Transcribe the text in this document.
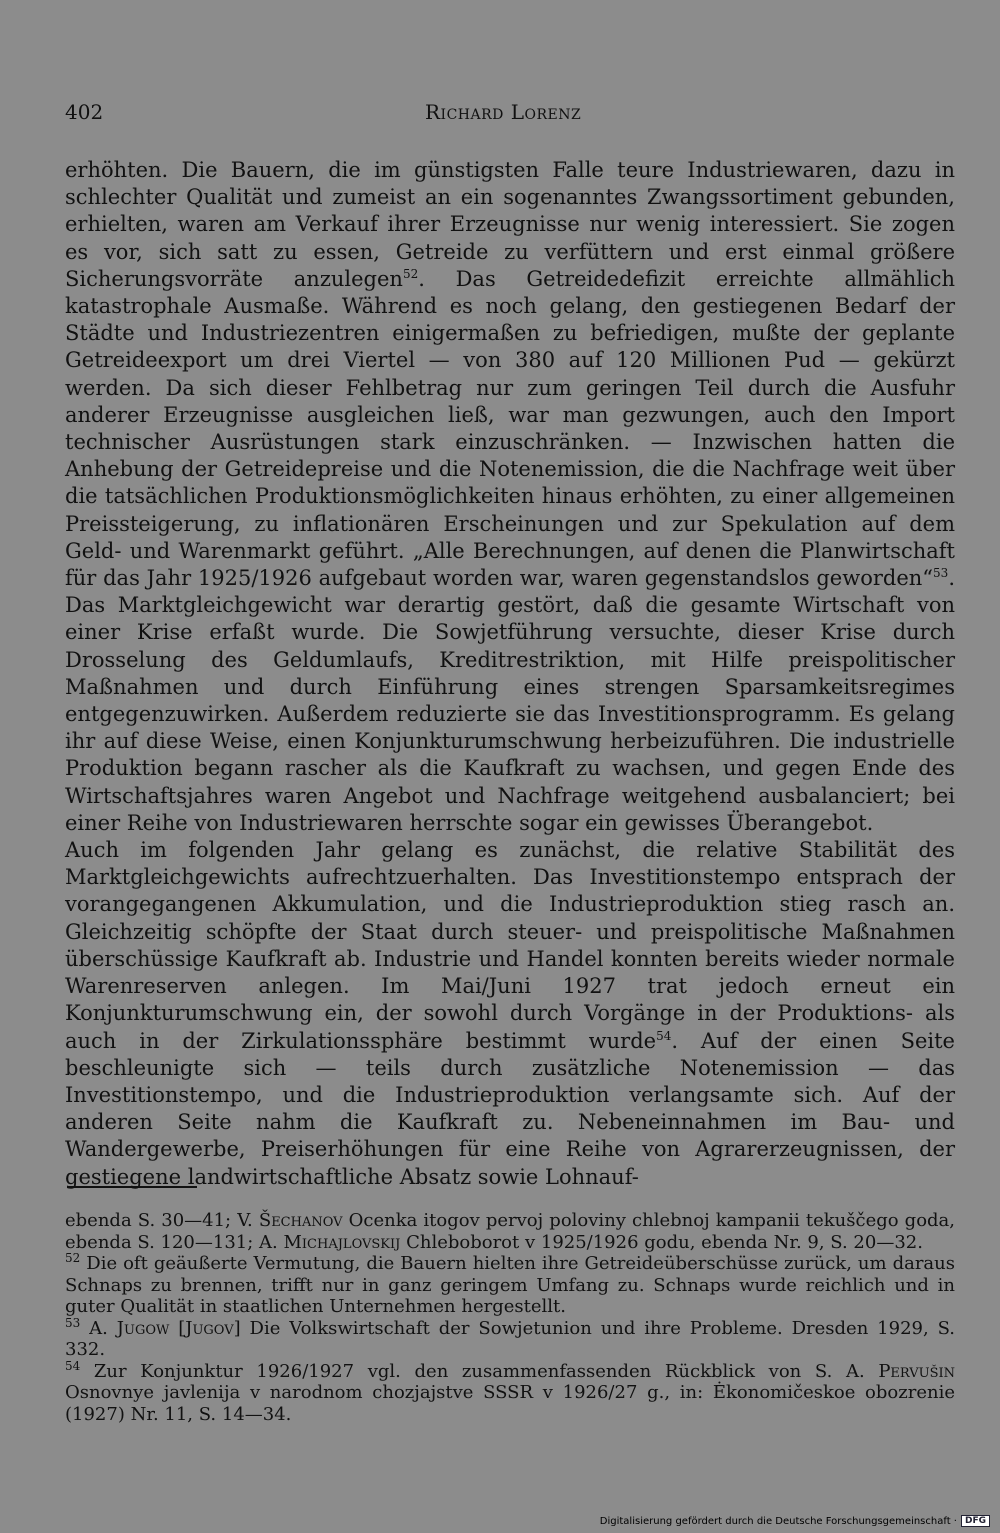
402	Richard Lorenz

erhöhten. Die Bauern, die im günstigsten Falle teure Industriewaren, dazu in schlechter Qualität und zumeist an ein sogenanntes Zwangssortiment gebunden, erhielten, waren am Verkauf ihrer Erzeugnisse nur wenig interessiert. Sie zogen es vor, sich satt zu essen, Getreide zu verfüttern und erst einmal größere Sicherungsvorräte anzulegen$^{52}$. Das Getreidedefizit erreichte allmählich katastrophale Ausmaße. Während es noch gelang, den gestiegenen Bedarf der Städte und Industriezentren einigermaßen zu befriedigen, mußte der geplante Getreideexport um drei Viertel — von 380 auf 120 Millionen Pud — gekürzt werden. Da sich dieser Fehlbetrag nur zum geringen Teil durch die Ausfuhr anderer Erzeugnisse ausgleichen ließ, war man gezwungen, auch den Import technischer Ausrüstungen stark einzuschränken. — Inzwischen hatten die Anhebung der Getreidepreise und die Notenemission, die die Nachfrage weit über die tatsächlichen Produktionsmöglichkeiten hinaus erhöhten, zu einer allgemeinen Preissteigerung, zu inflationären Erscheinungen und zur Spekulation auf dem Geld- und Warenmarkt geführt. „Alle Berechnungen, auf denen die Planwirtschaft für das Jahr 1925/1926 aufgebaut worden war, waren gegenstandslos geworden“$^{53}$. Das Marktgleichgewicht war derartig gestört, daß die gesamte Wirtschaft von einer Krise erfaßt wurde. Die Sowjetführung versuchte, dieser Krise durch Drosselung des Geldumlaufs, Kreditrestriktion, mit Hilfe preispolitischer Maßnahmen und durch Einführung eines strengen Sparsamkeitsregimes entgegenzuwirken. Außerdem reduzierte sie das Investitionsprogramm. Es gelang ihr auf diese Weise, einen Konjunkturumschwung herbeizuführen. Die industrielle Produktion begann rascher als die Kaufkraft zu wachsen, und gegen Ende des Wirtschaftsjahres waren Angebot und Nachfrage weitgehend ausbalanciert; bei einer Reihe von Industriewaren herrschte sogar ein gewisses Überangebot.

Auch im folgenden Jahr gelang es zunächst, die relative Stabilität des Marktgleichgewichts aufrechtzuerhalten. Das Investitionstempo entsprach der vorangegangenen Akkumulation, und die Industrieproduktion stieg rasch an. Gleichzeitig schöpfte der Staat durch steuer- und preispolitische Maßnahmen überschüssige Kaufkraft ab. Industrie und Handel konnten bereits wieder normale Warenreserven anlegen. Im Mai/Juni 1927 trat jedoch erneut ein Konjunkturumschwung ein, der sowohl durch Vorgänge in der Produktions- als auch in der Zirkulationssphäre bestimmt wurde$^{54}$. Auf der einen Seite beschleunigte sich — teils durch zusätzliche Notenemission — das Investitionstempo, und die Industrieproduktion verlangsamte sich. Auf der anderen Seite nahm die Kaufkraft zu. Nebeneinnahmen im Bau- und Wandergewerbe, Preiserhöhungen für eine Reihe von Agrarerzeugnissen, der gestiegene landwirtschaftliche Absatz sowie Lohnauf-

ebenda S. 30—41; V. Šechanov Ocenka itogov pervoj poloviny chlebnoj kampanii tekuščego goda, ebenda S. 120—131; A. Michajlovskij Chleboborot v 1925/1926 godu, ebenda Nr. 9, S. 20—32.

$^{52}$ Die oft geäußerte Vermutung, die Bauern hielten ihre Getreideüberschüsse zurück, um daraus Schnaps zu brennen, trifft nur in ganz geringem Umfang zu. Schnaps wurde reichlich und in guter Qualität in staatlichen Unternehmen hergestellt.

$^{53}$ A. Jugow [Jugov] Die Volkswirtschaft der Sowjetunion und ihre Probleme. Dresden 1929, S. 332.

$^{54}$ Zur Konjunktur 1926/1927 vgl. den zusammenfassenden Rückblick von S. A. Pervušin Osnovnye javlenija v narodnom chozjajstve SSSR v 1926/27 g., in: Ėkonomičeskoe obozrenie (1927) Nr. 11, S. 14—34.

Digitalisierung gefördert durch die Deutsche Forschungsgemeinschaft · DFG
